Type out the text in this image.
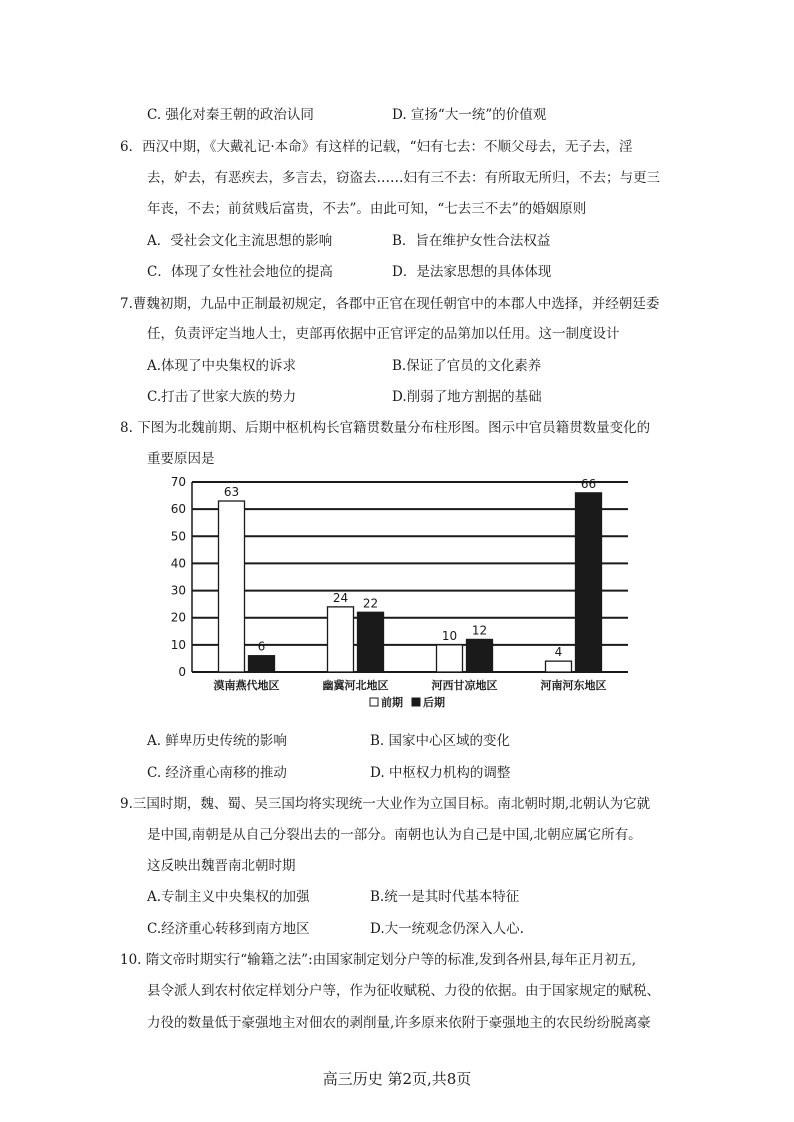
C. 强化对秦王朝的政治认同	D. 宣扬“大一统”的价值观
6．西汉中期，《大戴礼记·本命》有这样的记载，“妇有七去：不顺父母去，无子去，淫
去，妒去，有恶疾去，多言去，窃盗去……妇有三不去：有所取无所归，不去；与更三
年丧，不去；前贫贱后富贵，不去”。由此可知，“七去三不去”的婚姻原则
A．受社会文化主流思想的影响	B．旨在维护女性合法权益
C．体现了女性社会地位的提高	D．是法家思想的具体体现
7.曹魏初期，九品中正制最初规定，各郡中正官在现任朝官中的本郡人中选择，并经朝廷委
任，负责评定当地人士，吏部再依据中正官评定的品第加以任用。这一制度设计
A.体现了中央集权的诉求	B.保证了官员的文化素养
C.打击了世家大族的势力	D.削弱了地方割据的基础
8. 下图为北魏前期、后期中枢机构长官籍贯数量分布柱形图。图示中官员籍贯数量变化的
重要原因是
0
10
20
30
40
50
60
70
63
6
漠南燕代地区
24 22
幽冀河北地区
10 12
河西甘凉地区
4
66
河南河东地区
前期 后期
A. 鲜卑历史传统的影响	B. 国家中心区域的变化
C. 经济重心南移的推动	D. 中枢权力机构的调整
9.三国时期，魏、蜀、吴三国均将实现统一大业作为立国目标。南北朝时期,北朝认为它就
是中国,南朝是从自己分裂出去的一部分。南朝也认为自己是中国,北朝应属它所有。
这反映出魏晋南北朝时期
A.专制主义中央集权的加强	B.统一是其时代基本特征
C.经济重心转移到南方地区	D.大一统观念仍深入人心.
10. 隋文帝时期实行“输籍之法”:由国家制定划分户等的标准,发到各州县,每年正月初五,
县令派人到农村依定样划分户等，作为征收赋税、力役的依据。由于国家规定的赋税、
力役的数量低于豪强地主对佃农的剥削量,许多原来依附于豪强地主的农民纷纷脱离豪
高三历史 第2页,共8页
